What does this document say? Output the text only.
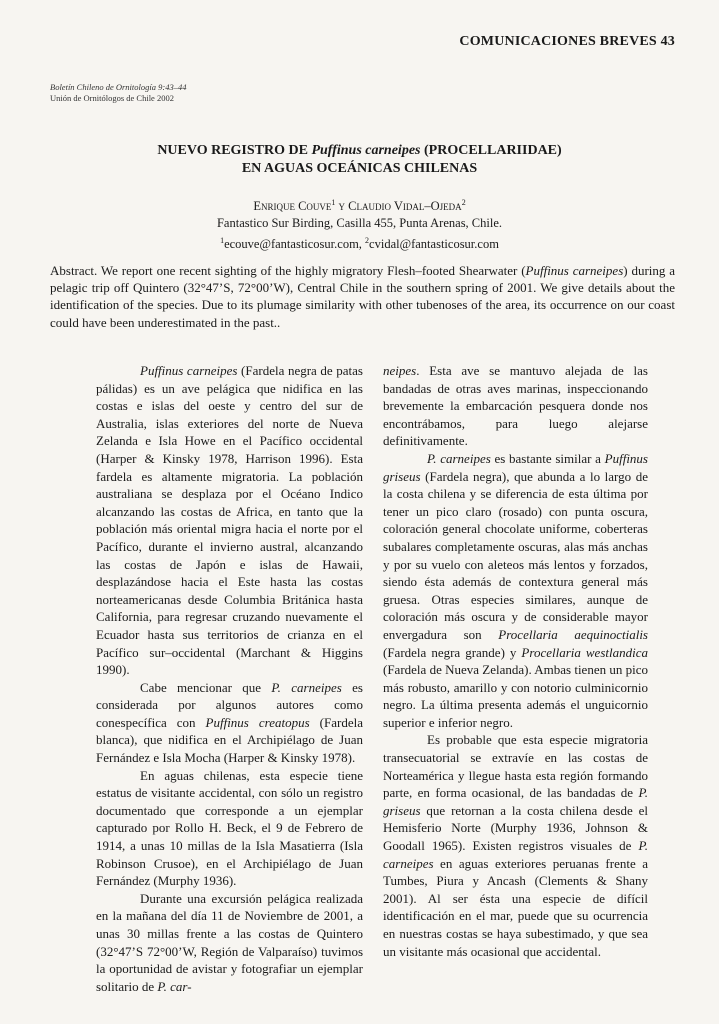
COMUNICACIONES BREVES 43
Boletín Chileno de Ornitología 9:43–44
Unión de Ornitólogos de Chile 2002
NUEVO REGISTRO DE Puffinus carneipes (PROCELLARIIDAE)
EN AGUAS OCEÁNICAS CHILENAS
Enrique Couve$^1$ y Claudio Vidal–Ojeda$^2$
Fantastico Sur Birding, Casilla 455, Punta Arenas, Chile.
$^1$ecouve@fantasticosur.com, $^2$cvidal@fantasticosur.com
Abstract. We report one recent sighting of the highly migratory Flesh–footed Shearwater (Puffinus carneipes) during a pelagic trip off Quintero (32°47’S, 72°00’W), Central Chile in the southern spring of 2001. We give details about the identification of the species. Due to its plumage similarity with other tubenoses of the area, its occurrence on our coast could have been underestimated in the past..

Puffinus carneipes (Fardela negra de patas pálidas) es un ave pelágica que nidifica en las costas e islas del oeste y centro del sur de Australia, islas exteriores del norte de Nueva Zelanda e Isla Howe en el Pacífico occidental (Harper & Kinsky 1978, Harrison 1996). Esta fardela es altamente migratoria. La población australiana se desplaza por el Océano Indico alcanzando las costas de Africa, en tanto que la población más oriental migra hacia el norte por el Pacífico, durante el invierno austral, alcanzando las costas de Japón e islas de Hawaii, desplazándose hacia el Este hasta las costas norteamericanas desde Columbia Británica hasta California, para regresar cruzando nuevamente el Ecuador hasta sus territorios de crianza en el Pacífico sur–occidental (Marchant & Higgins 1990).

Cabe mencionar que P. carneipes es considerada por algunos autores como conespecífica con Puffinus creatopus (Fardela blanca), que nidifica en el Archipiélago de Juan Fernández e Isla Mocha (Harper & Kinsky 1978).

En aguas chilenas, esta especie tiene estatus de visitante accidental, con sólo un registro documentado que corresponde a un ejemplar capturado por Rollo H. Beck, el 9 de Febrero de 1914, a unas 10 millas de la Isla Masatierra (Isla Robinson Crusoe), en el Archipiélago de Juan Fernández (Murphy 1936).

Durante una excursión pelágica realizada en la mañana del día 11 de Noviembre de 2001, a unas 30 millas frente a las costas de Quintero (32°47’S 72°00’W, Región de Valparaíso) tuvimos la oportunidad de avistar y fotografiar un ejemplar solitario de P. car-

neipes. Esta ave se mantuvo alejada de las bandadas de otras aves marinas, inspeccionando brevemente la embarcación pesquera donde nos encontrábamos, para luego alejarse definitivamente.

P. carneipes es bastante similar a Puffinus griseus (Fardela negra), que abunda a lo largo de la costa chilena y se diferencia de esta última por tener un pico claro (rosado) con punta oscura, coloración general chocolate uniforme, coberteras subalares completamente oscuras, alas más anchas y por su vuelo con aleteos más lentos y forzados, siendo ésta además de contextura general más gruesa. Otras especies similares, aunque de coloración más oscura y de considerable mayor envergadura son Procellaria aequinoctialis (Fardela negra grande) y Procellaria westlandica (Fardela de Nueva Zelanda). Ambas tienen un pico más robusto, amarillo y con notorio culminicornio negro. La última presenta además el unguicornio superior e inferior negro.

Es probable que esta especie migratoria transecuatorial se extravíe en las costas de Norteamérica y llegue hasta esta región formando parte, en forma ocasional, de las bandadas de P. griseus que retornan a la costa chilena desde el Hemisferio Norte (Murphy 1936, Johnson & Goodall 1965). Existen registros visuales de P. carneipes en aguas exteriores peruanas frente a Tumbes, Piura y Ancash (Clements & Shany 2001). Al ser ésta una especie de difícil identificación en el mar, puede que su ocurrencia en nuestras costas se haya subestimado, y que sea un visitante más ocasional que accidental.
